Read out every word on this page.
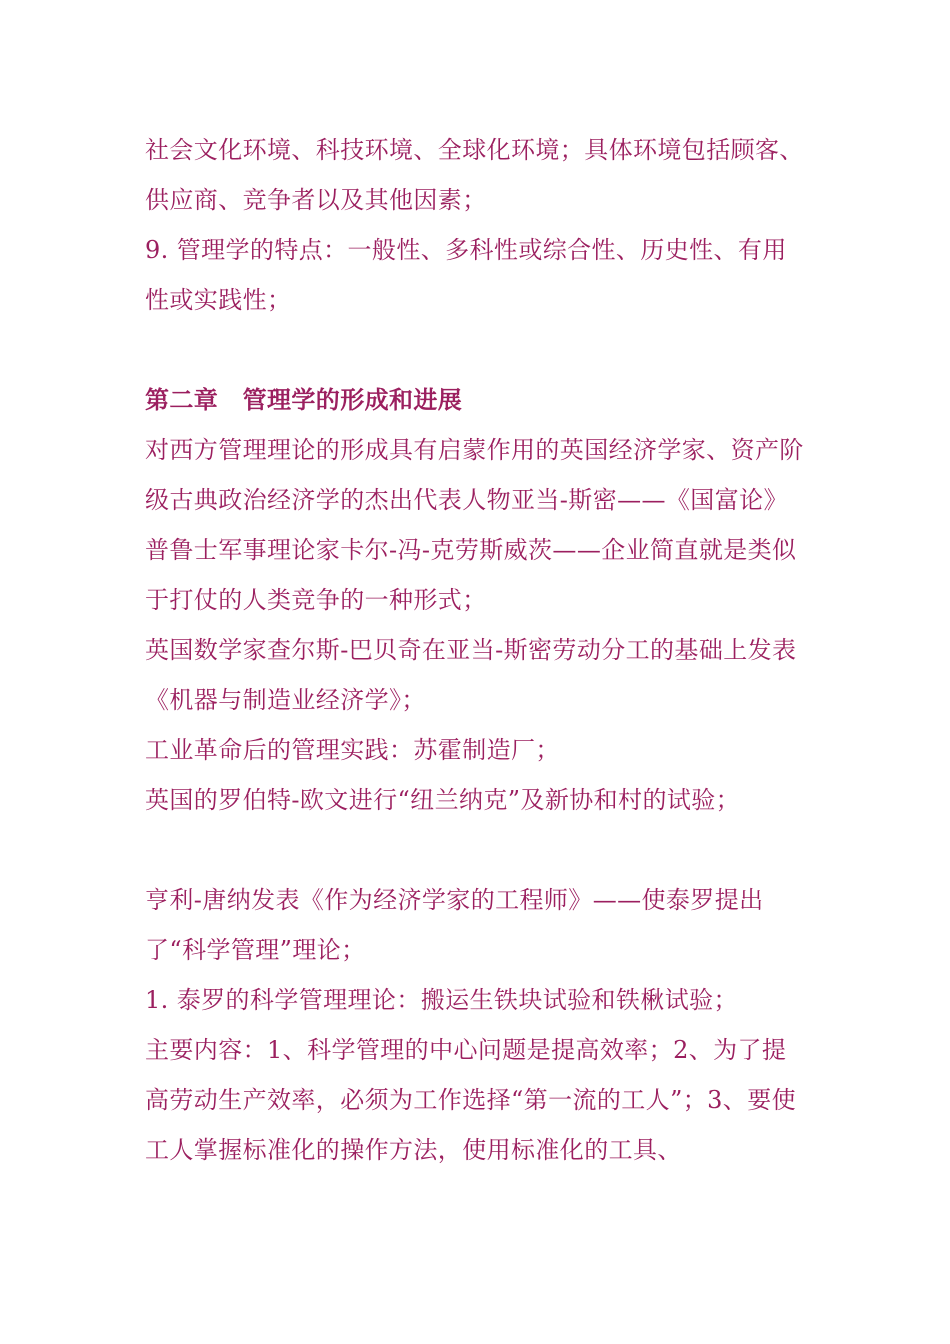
社会文化环境、科技环境、全球化环境；具体环境包括顾客、供应商、竞争者以及其他因素；

9. 管理学的特点：一般性、多科性或综合性、历史性、有用性或实践性；

第二章　管理学的形成和进展

对西方管理理论的形成具有启蒙作用的英国经济学家、资产阶级古典政治经济学的杰出代表人物亚当-斯密——《国富论》

普鲁士军事理论家卡尔-冯-克劳斯威茨——企业简直就是类似于打仗的人类竞争的一种形式；

英国数学家查尔斯-巴贝奇在亚当-斯密劳动分工的基础上发表《机器与制造业经济学》；

工业革命后的管理实践：苏霍制造厂；

英国的罗伯特-欧文进行“纽兰纳克”及新协和村的试验；

亨利-唐纳发表《作为经济学家的工程师》——使泰罗提出了“科学管理”理论；

1. 泰罗的科学管理理论：搬运生铁块试验和铁楸试验；

主要内容：1、科学管理的中心问题是提高效率；2、为了提高劳动生产效率，必须为工作选择“第一流的工人”；3、要使工人掌握标准化的操作方法，使用标准化的工具、
